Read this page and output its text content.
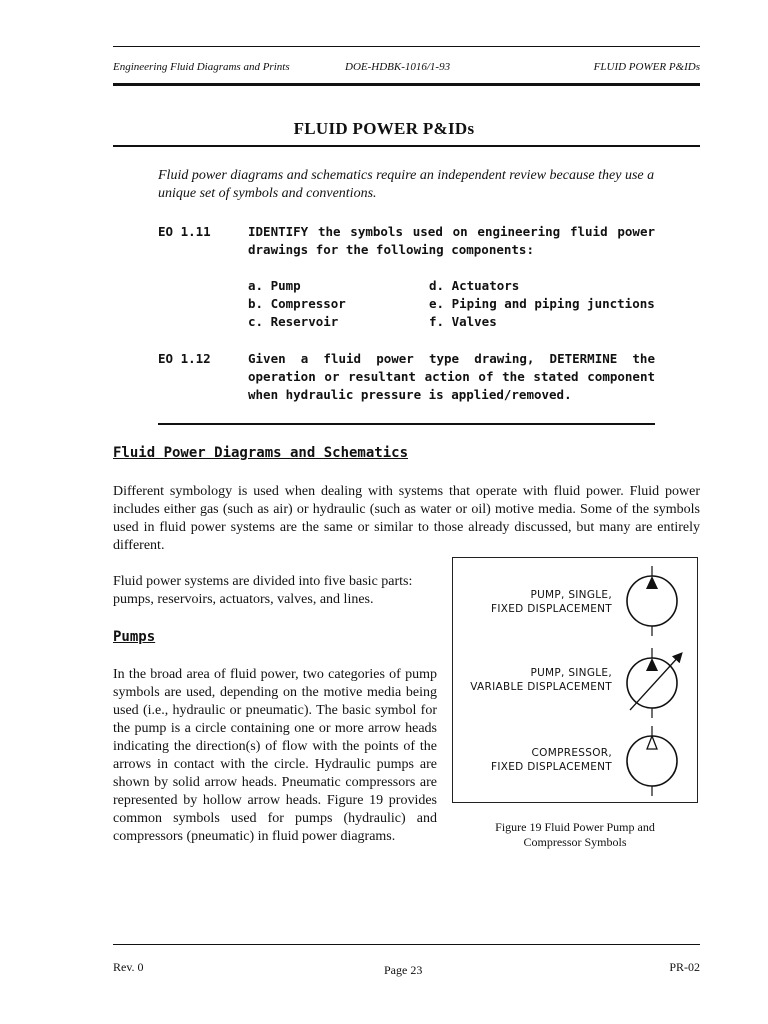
Engineering Fluid Diagrams and Prints	DOE-HDBK-1016/1-93	FLUID POWER P&IDs
FLUID POWER P&IDs
Fluid power diagrams and schematics require an independent review because they use a unique set of symbols and conventions.
EO 1.11	IDENTIFY the symbols used on engineering fluid power drawings for the following components:
a. Pump
b. Compressor
c. Reservoir
d. Actuators
e. Piping and piping junctions
f. Valves
EO 1.12	Given a fluid power type drawing, DETERMINE the operation or resultant action of the stated component when hydraulic pressure is applied/removed.
Fluid Power Diagrams and Schematics
Different symbology is used when dealing with systems that operate with fluid power. Fluid power includes either gas (such as air) or hydraulic (such as water or oil) motive media. Some of the symbols used in fluid power systems are the same or similar to those already discussed, but many are entirely different.
Fluid power systems are divided into five basic parts: pumps, reservoirs, actuators, valves, and lines.
Pumps
In the broad area of fluid power, two categories of pump symbols are used, depending on the motive media being used (i.e., hydraulic or pneumatic). The basic symbol for the pump is a circle containing one or more arrow heads indicating the direction(s) of flow with the points of the arrows in contact with the circle. Hydraulic pumps are shown by solid arrow heads. Pneumatic compressors are represented by hollow arrow heads. Figure 19 provides common symbols used for pumps (hydraulic) and compressors (pneumatic) in fluid power diagrams.
PUMP, SINGLE,
FIXED DISPLACEMENT
PUMP, SINGLE,
VARIABLE DISPLACEMENT
COMPRESSOR,
FIXED DISPLACEMENT
Figure 19 Fluid Power Pump and
Compressor Symbols
Rev. 0	Page 23	PR-02
